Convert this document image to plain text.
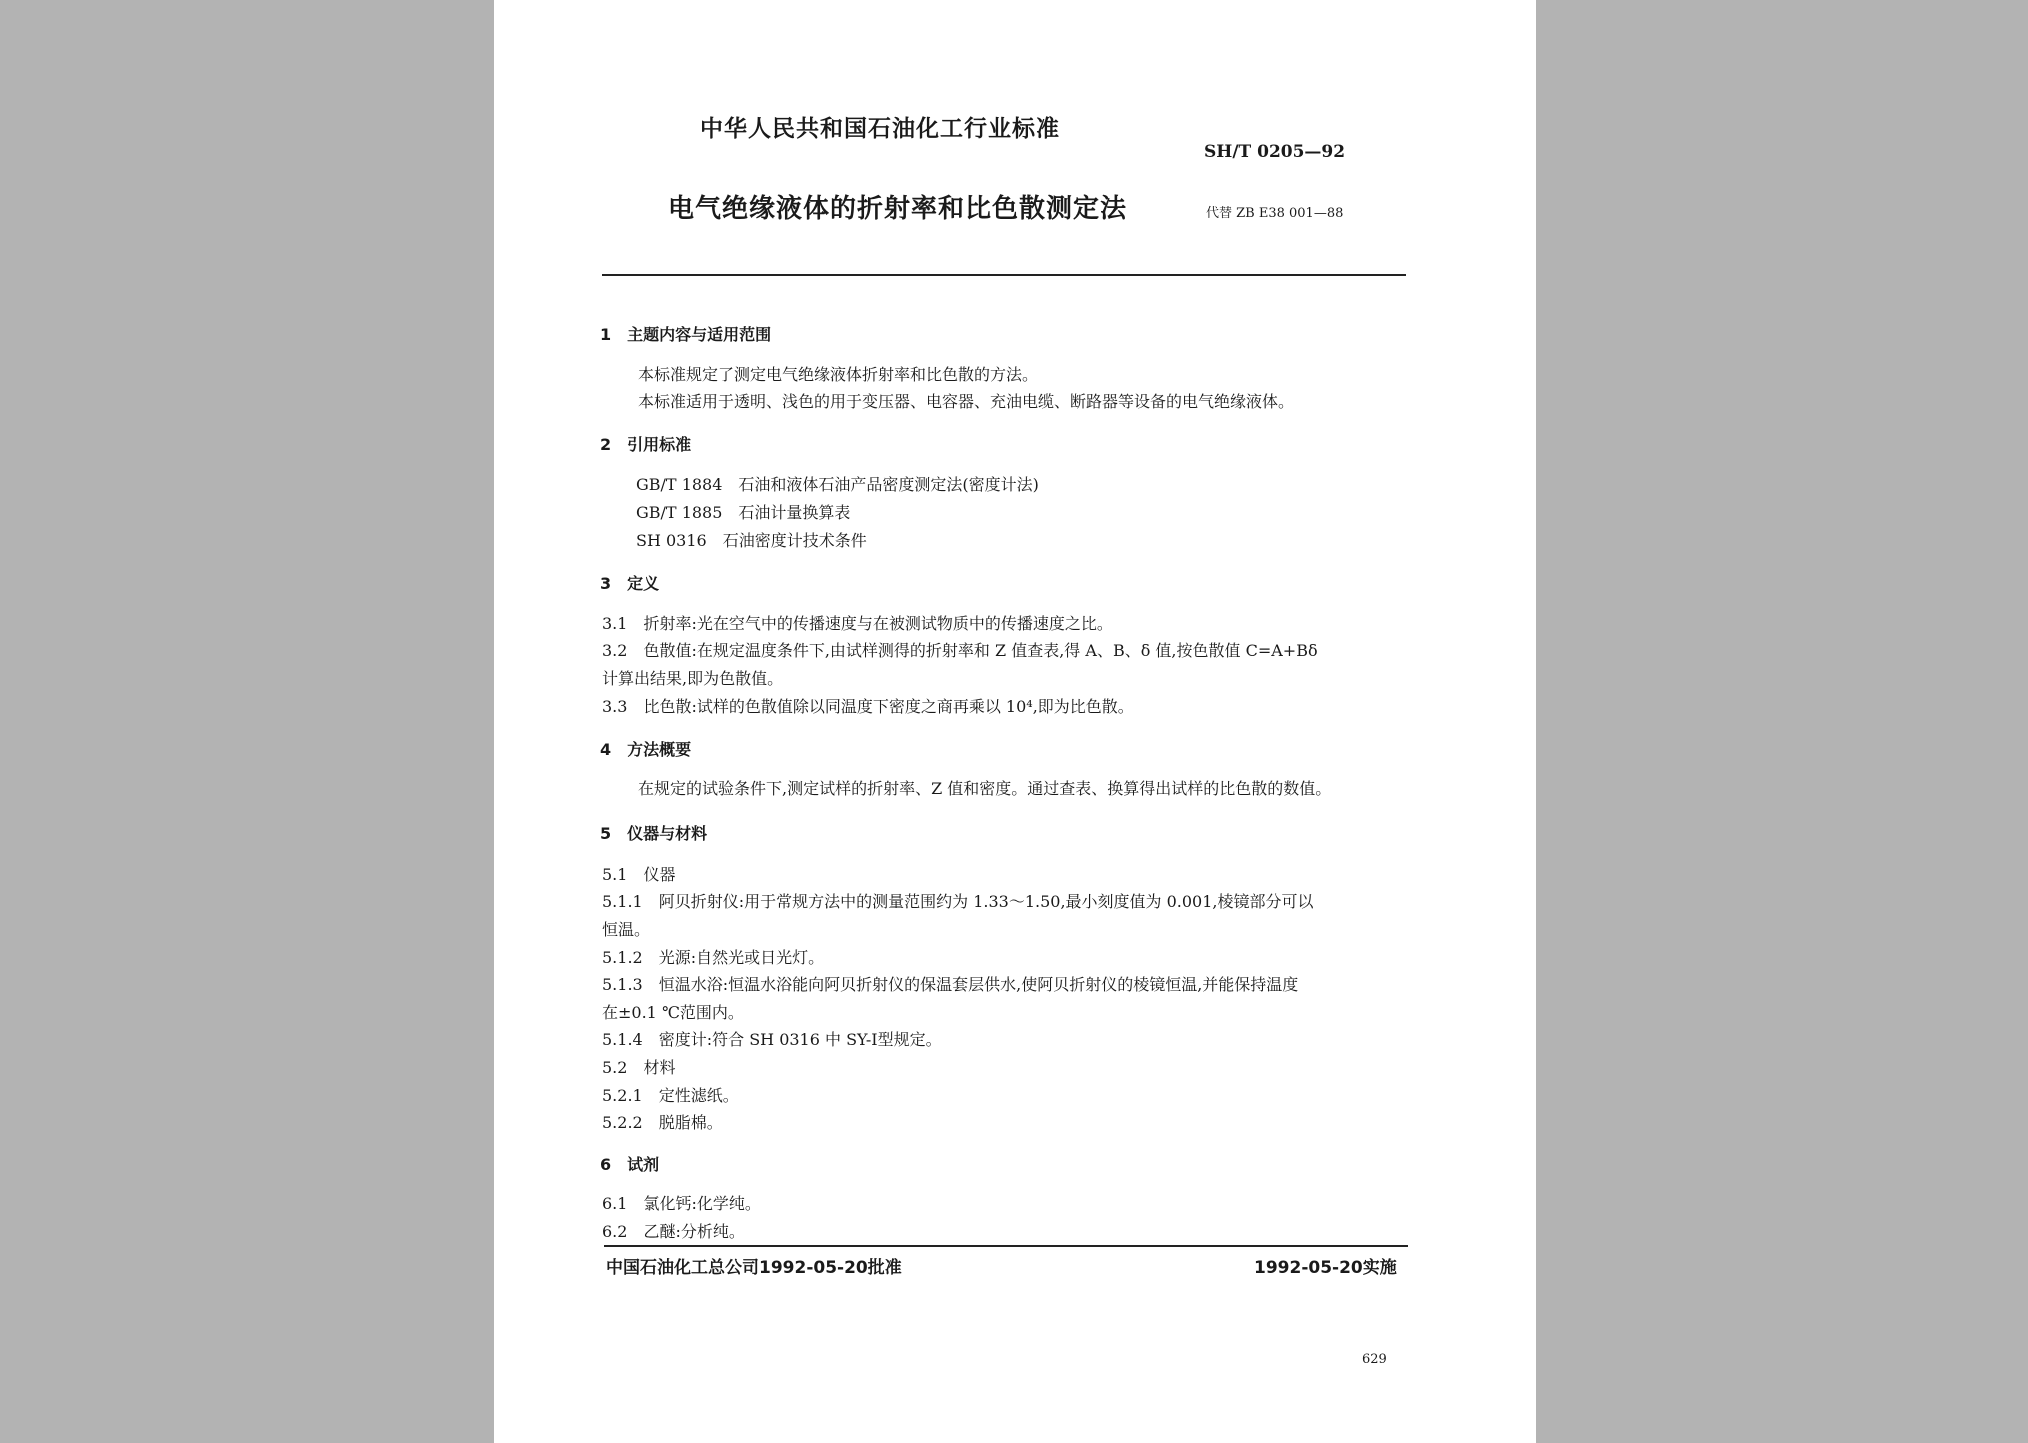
中华人民共和国石油化工行业标准
SH/T 0205—92
电气绝缘液体的折射率和比色散测定法	代替 ZB E38 001—88
1　主题内容与适用范围
本标准规定了测定电气绝缘液体折射率和比色散的方法。
本标准适用于透明、浅色的用于变压器、电容器、充油电缆、断路器等设备的电气绝缘液体。
2　引用标准
GB/T 1884　石油和液体石油产品密度测定法(密度计法)
GB/T 1885　石油计量换算表
SH 0316　石油密度计技术条件
3　定义
3.1　折射率:光在空气中的传播速度与在被测试物质中的传播速度之比。
3.2　色散值:在规定温度条件下,由试样测得的折射率和 Z 值查表,得 A、B、δ 值,按色散值 C=A+Bδ
计算出结果,即为色散值。
3.3　比色散:试样的色散值除以同温度下密度之商再乘以 10⁴,即为比色散。
4　方法概要
在规定的试验条件下,测定试样的折射率、Z 值和密度。通过查表、换算得出试样的比色散的数值。
5　仪器与材料
5.1　仪器
5.1.1　阿贝折射仪:用于常规方法中的测量范围约为 1.33～1.50,最小刻度值为 0.001,棱镜部分可以
恒温。
5.1.2　光源:自然光或日光灯。
5.1.3　恒温水浴:恒温水浴能向阿贝折射仪的保温套层供水,使阿贝折射仪的棱镜恒温,并能保持温度
在±0.1 ℃范围内。
5.1.4　密度计:符合 SH 0316 中 SY-Ⅰ型规定。
5.2　材料
5.2.1　定性滤纸。
5.2.2　脱脂棉。
6　试剂
6.1　氯化钙:化学纯。
6.2　乙醚:分析纯。
中国石油化工总公司1992-05-20批准	1992-05-20实施
629
